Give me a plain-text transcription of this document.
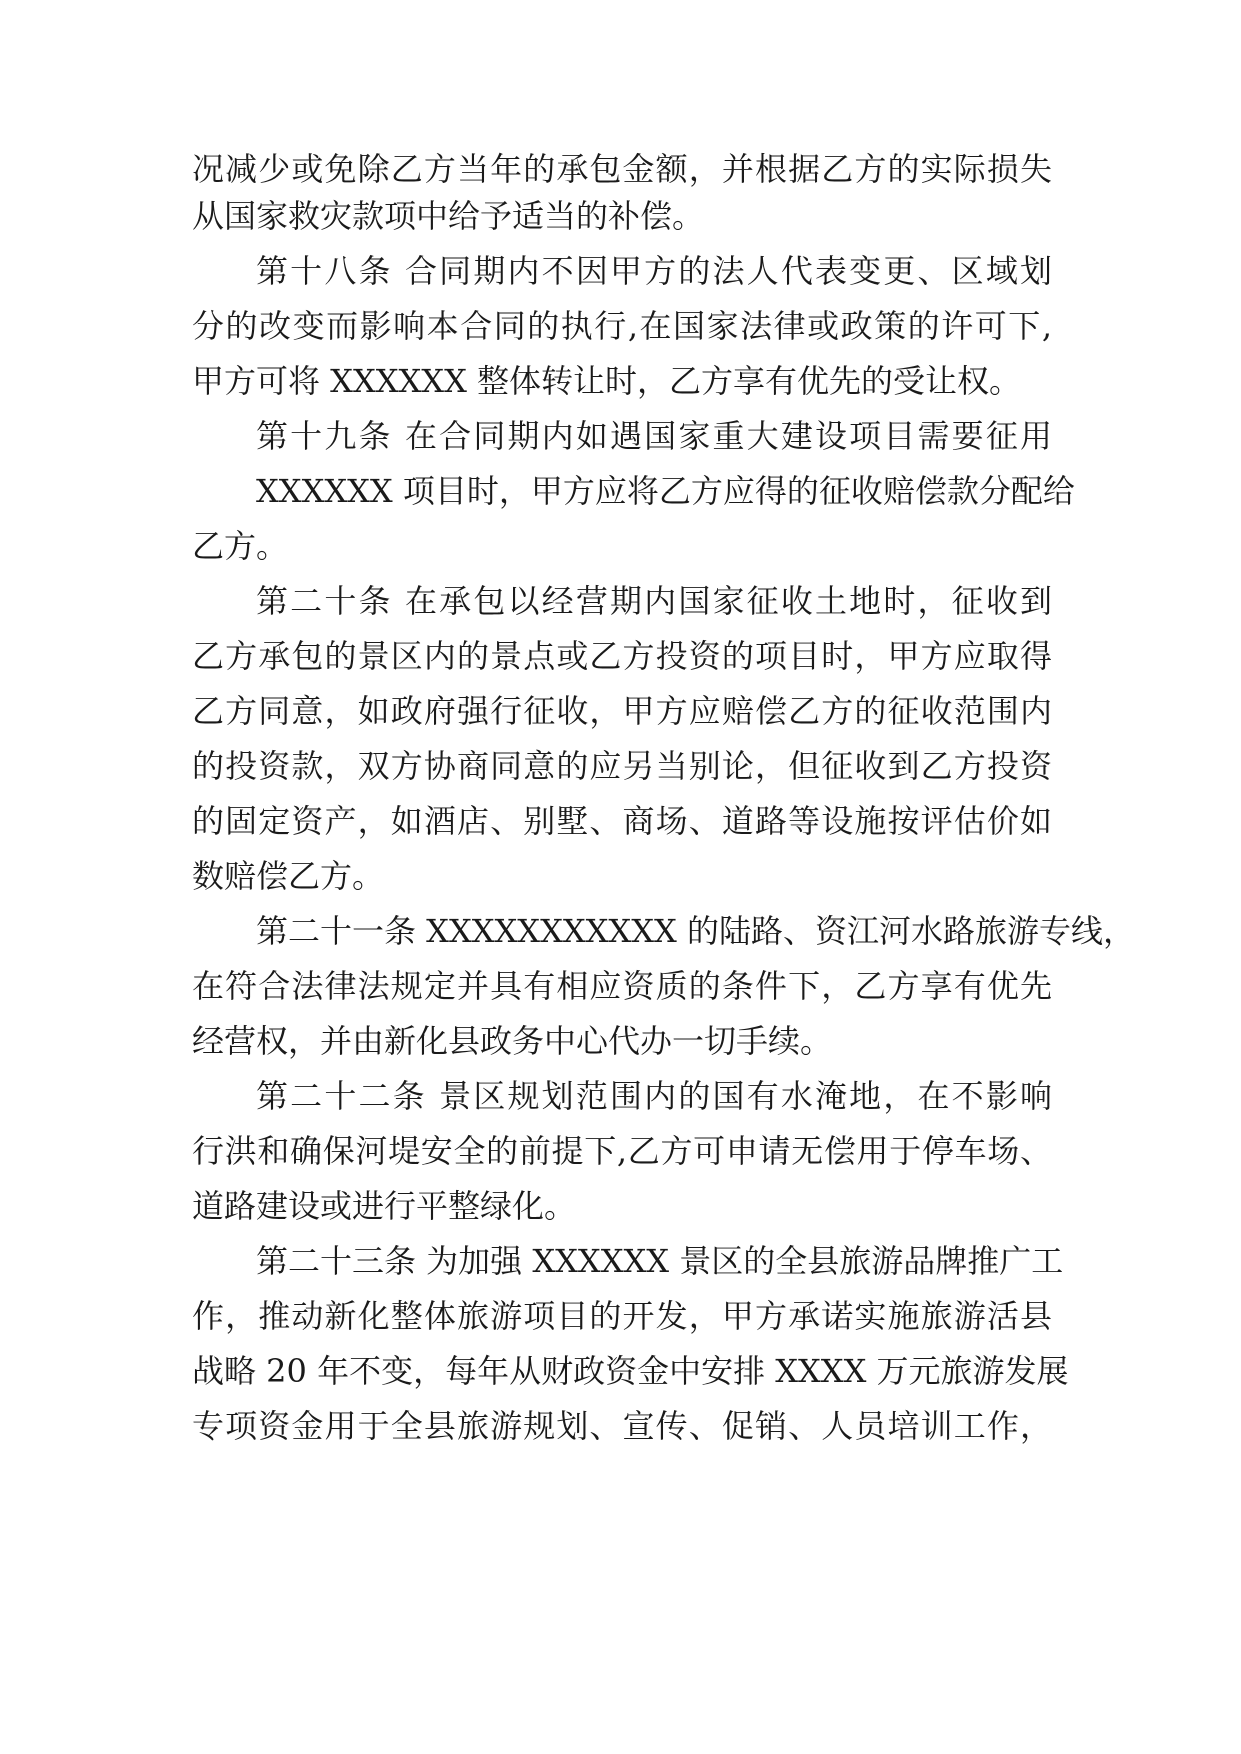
况减少或免除乙方当年的承包金额，并根据乙方的实际损失
从国家救灾款项中给予适当的补偿。
第十八条 合同期内不因甲方的法人代表变更、区域划
分的改变而影响本合同的执行,在国家法律或政策的许可下,
甲方可将 XXXXXX 整体转让时，乙方享有优先的受让权。
第十九条 在合同期内如遇国家重大建设项目需要征用
XXXXXX 项目时，甲方应将乙方应得的征收赔偿款分配给
乙方。
第二十条 在承包以经营期内国家征收土地时，征收到
乙方承包的景区内的景点或乙方投资的项目时，甲方应取得
乙方同意，如政府强行征收，甲方应赔偿乙方的征收范围内
的投资款，双方协商同意的应另当别论，但征收到乙方投资
的固定资产，如酒店、别墅、商场、道路等设施按评估价如
数赔偿乙方。
第二十一条 XXXXXXXXXXX 的陆路、资江河水路旅游专线，
在符合法律法规定并具有相应资质的条件下，乙方享有优先
经营权，并由新化县政务中心代办一切手续。
第二十二条 景区规划范围内的国有水淹地，在不影响
行洪和确保河堤安全的前提下,乙方可申请无偿用于停车场、
道路建设或进行平整绿化。
第二十三条 为加强 XXXXXX 景区的全县旅游品牌推广工
作，推动新化整体旅游项目的开发，甲方承诺实施旅游活县
战略 20 年不变，每年从财政资金中安排 XXXX 万元旅游发展
专项资金用于全县旅游规划、宣传、促销、人员培训工作，
